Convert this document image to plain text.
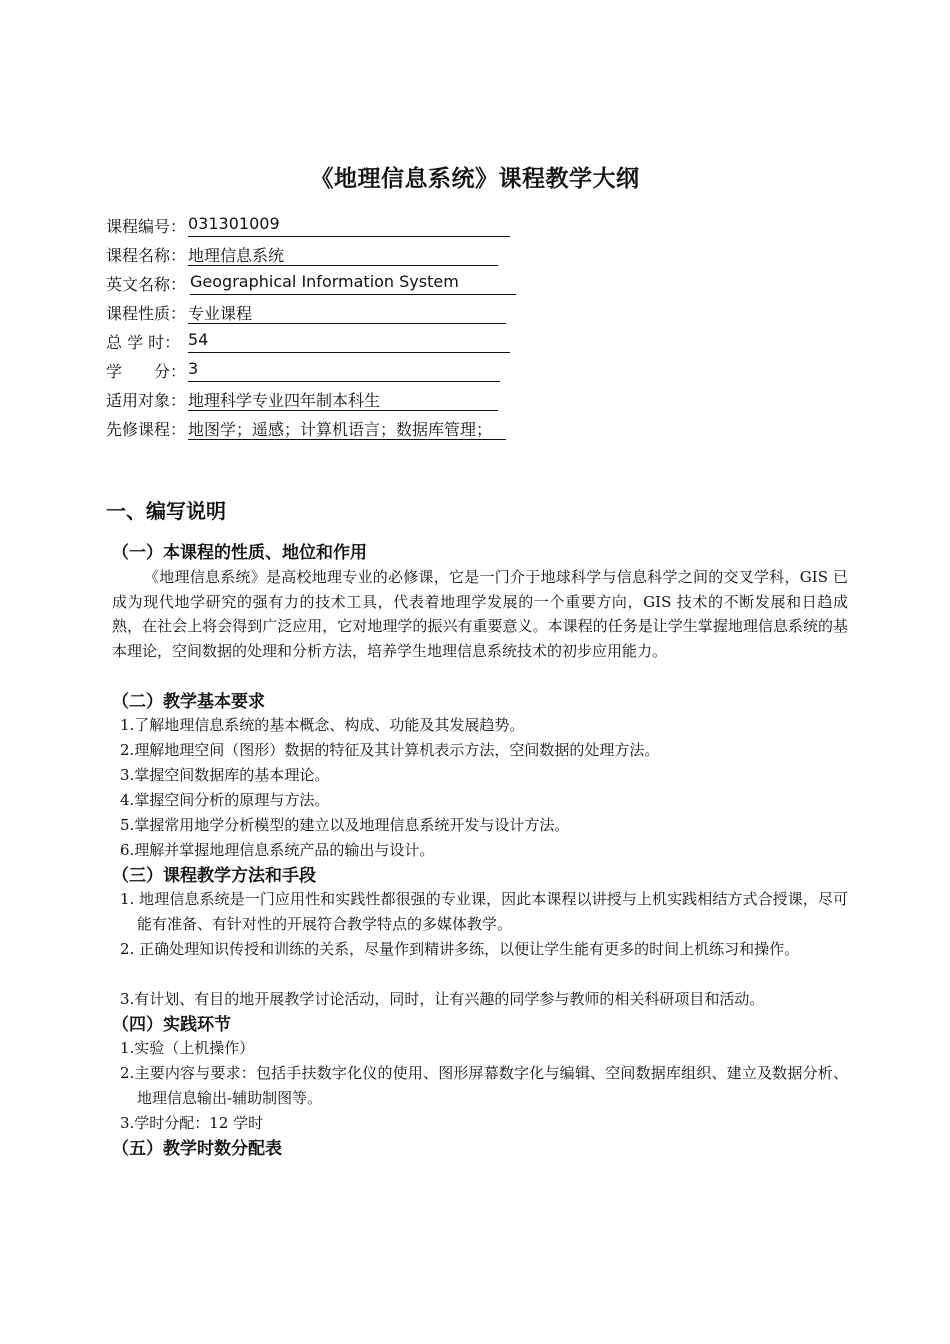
《地理信息系统》课程教学大纲
课程编号： 031301009
课程名称： 地理信息系统
英文名称： Geographical Information System
课程性质： 专业课程
总 学 时： 54
学　　分： 3
适用对象： 地理科学专业四年制本科生
先修课程： 地图学；遥感；计算机语言；数据库管理；
一、编写说明
（一）本课程的性质、地位和作用
《地理信息系统》是高校地理专业的必修课，它是一门介于地球科学与信息科学之间的交叉学科，GIS 已成为现代地学研究的强有力的技术工具，代表着地理学发展的一个重要方向，GIS 技术的不断发展和日趋成熟，在社会上将会得到广泛应用，它对地理学的振兴有重要意义。本课程的任务是让学生掌握地理信息系统的基本理论，空间数据的处理和分析方法，培养学生地理信息系统技术的初步应用能力。
（二）教学基本要求
1.了解地理信息系统的基本概念、构成、功能及其发展趋势。
2.理解地理空间（图形）数据的特征及其计算机表示方法，空间数据的处理方法。
3.掌握空间数据库的基本理论。
4.掌握空间分析的原理与方法。
5.掌握常用地学分析模型的建立以及地理信息系统开发与设计方法。
6.理解并掌握地理信息系统产品的输出与设计。
（三）课程教学方法和手段
1. 地理信息系统是一门应用性和实践性都很强的专业课，因此本课程以讲授与上机实践相结方式合授课，尽可能有准备、有针对性的开展符合教学特点的多媒体教学。
2. 正确处理知识传授和训练的关系，尽量作到精讲多练，以便让学生能有更多的时间上机练习和操作。
3.有计划、有目的地开展教学讨论活动，同时，让有兴趣的同学参与教师的相关科研项目和活动。
（四）实践环节
1.实验（上机操作）
2.主要内容与要求：包括手扶数字化仪的使用、图形屏幕数字化与编辑、空间数据库组织、建立及数据分析、地理信息输出-辅助制图等。
3.学时分配：12 学时
（五）教学时数分配表
